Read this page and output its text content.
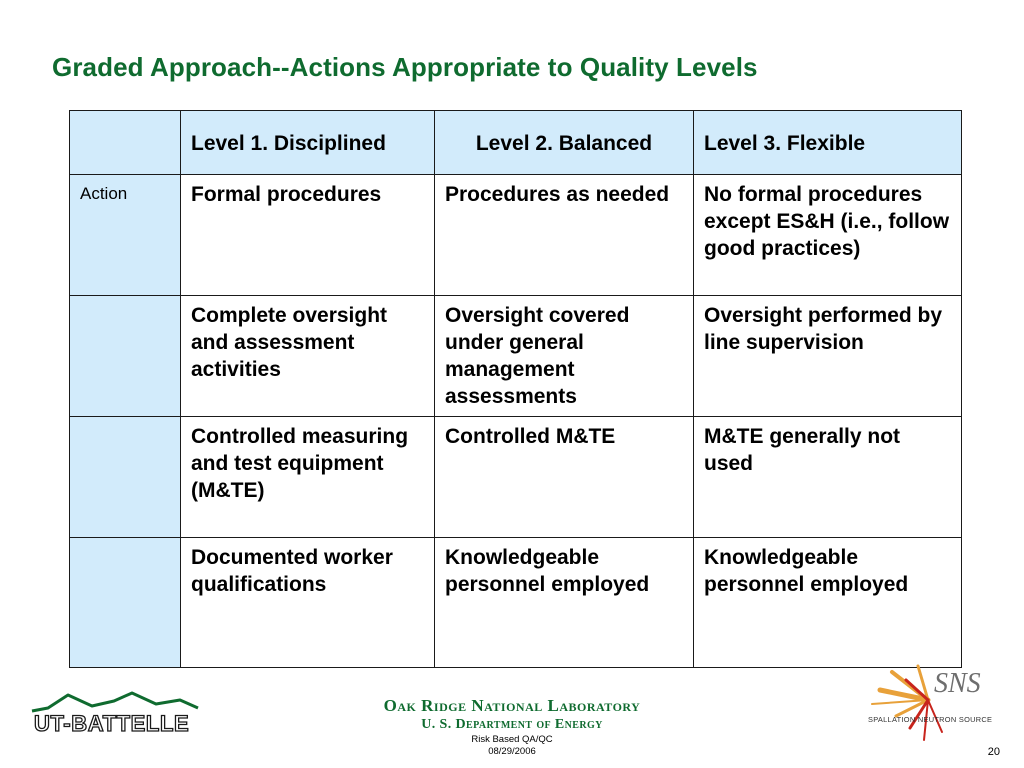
Graded Approach--Actions Appropriate to Quality Levels
	Level 1. Disciplined	Level 2. Balanced	Level 3. Flexible
Action	Formal procedures	Procedures as needed	No formal procedures except ES&H (i.e., follow good practices)
	Complete oversight and assessment activities	Oversight covered under general management assessments	Oversight performed by line supervision
	Controlled measuring and test equipment (M&TE)	Controlled M&TE	M&TE generally not used
	Documented worker qualifications	Knowledgeable personnel employed	Knowledgeable personnel employed
UT-BATTELLE
Oak Ridge National Laboratory
U. S. Department of Energy
Risk Based QA/QC
08/29/2006
SNS
SPALLATION NEUTRON SOURCE
20
